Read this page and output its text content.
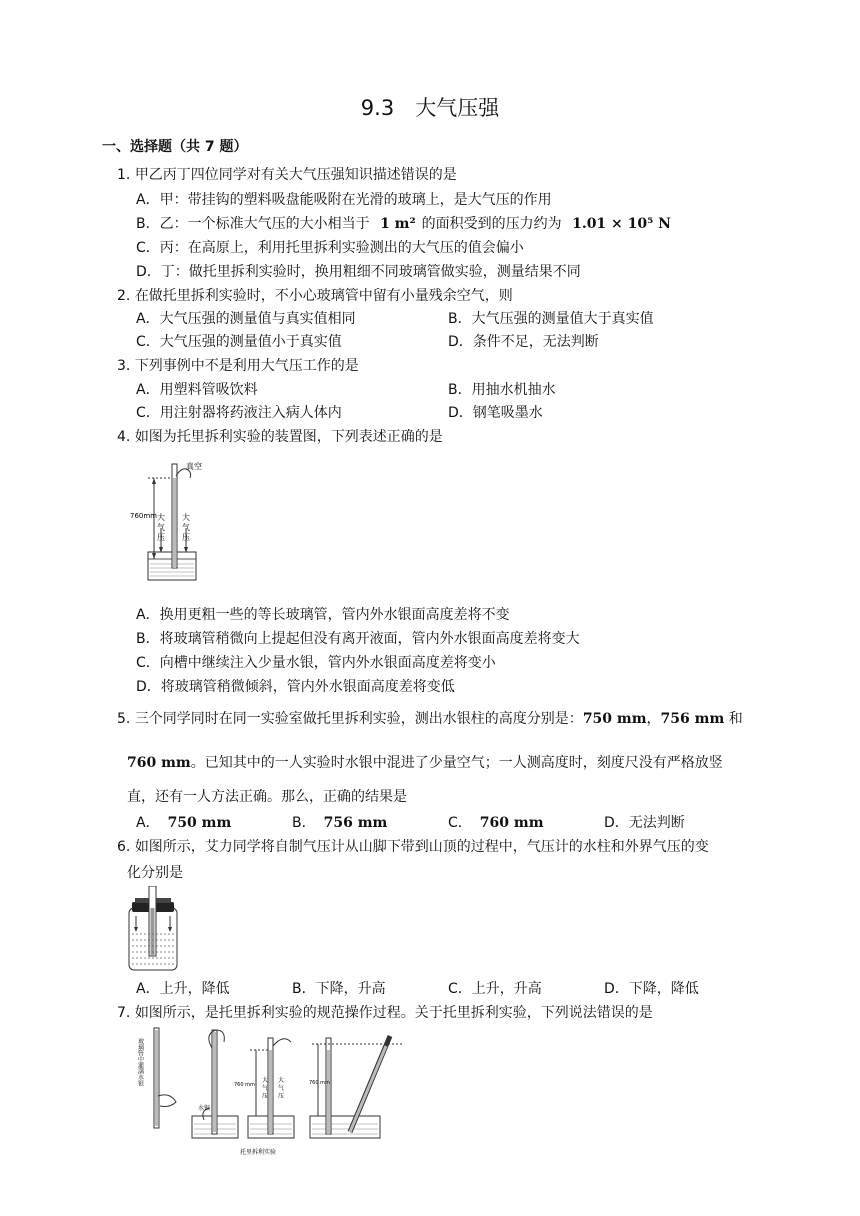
9.3　大气压强
一、选择题（共 7 题）
1. 甲乙丙丁四位同学对有关大气压强知识描述错误的是
A．甲：带挂钩的塑料吸盘能吸附在光滑的玻璃上，是大气压的作用
B．乙：一个标准大气压的大小相当于 1 m² 的面积受到的压力约为 1.01 × 10⁵ N
C．丙：在高原上，利用托里拆利实验测出的大气压的值会偏小
D．丁：做托里拆利实验时，换用粗细不同玻璃管做实验，测量结果不同
2. 在做托里拆利实验时，不小心玻璃管中留有小量残余空气，则
A．大气压强的测量值与真实值相同	B．大气压强的测量值大于真实值
C．大气压强的测量值小于真实值	D．条件不足，无法判断
3. 下列事例中不是利用大气压工作的是
A．用塑料管吸饮料	B．用抽水机抽水
C．用注射器将药液注入病人体内	D．钢笔吸墨水
4. 如图为托里拆利实验的装置图，下列表述正确的是
真空
760mm 大
气
压
大
气
压
A．换用更粗一些的等长玻璃管，管内外水银面高度差将不变
B．将玻璃管稍微向上提起但没有离开液面，管内外水银面高度差将变大
C．向槽中继续注入少量水银，管内外水银面高度差将变小
D．将玻璃管稍微倾斜，管内外水银面高度差将变低
5. 三个同学同时在同一实验室做托里拆利实验，测出水银柱的高度分别是：750 mm，756 mm 和
760 mm。已知其中的一人实验时水银中混进了少量空气；一人测高度时，刻度尺没有严格放竖
直，还有一人方法正确。那么，正确的结果是
A． 750 mm	B． 756 mm	C． 760 mm	D．无法判断
6. 如图所示，艾力同学将自制气压计从山脚下带到山顶的过程中，气压计的水柱和外界气压的变
化分别是
A．上升，降低	B．下降，升高	C．上升，升高	D．下降，降低
7. 如图所示，是托里拆利实验的规范操作过程。关于托里拆利实验，下列说法错误的是
玻璃管中灌满水银
水银
760 mm
大
气
压
大
气
压
760 mm
托里拆利实验
